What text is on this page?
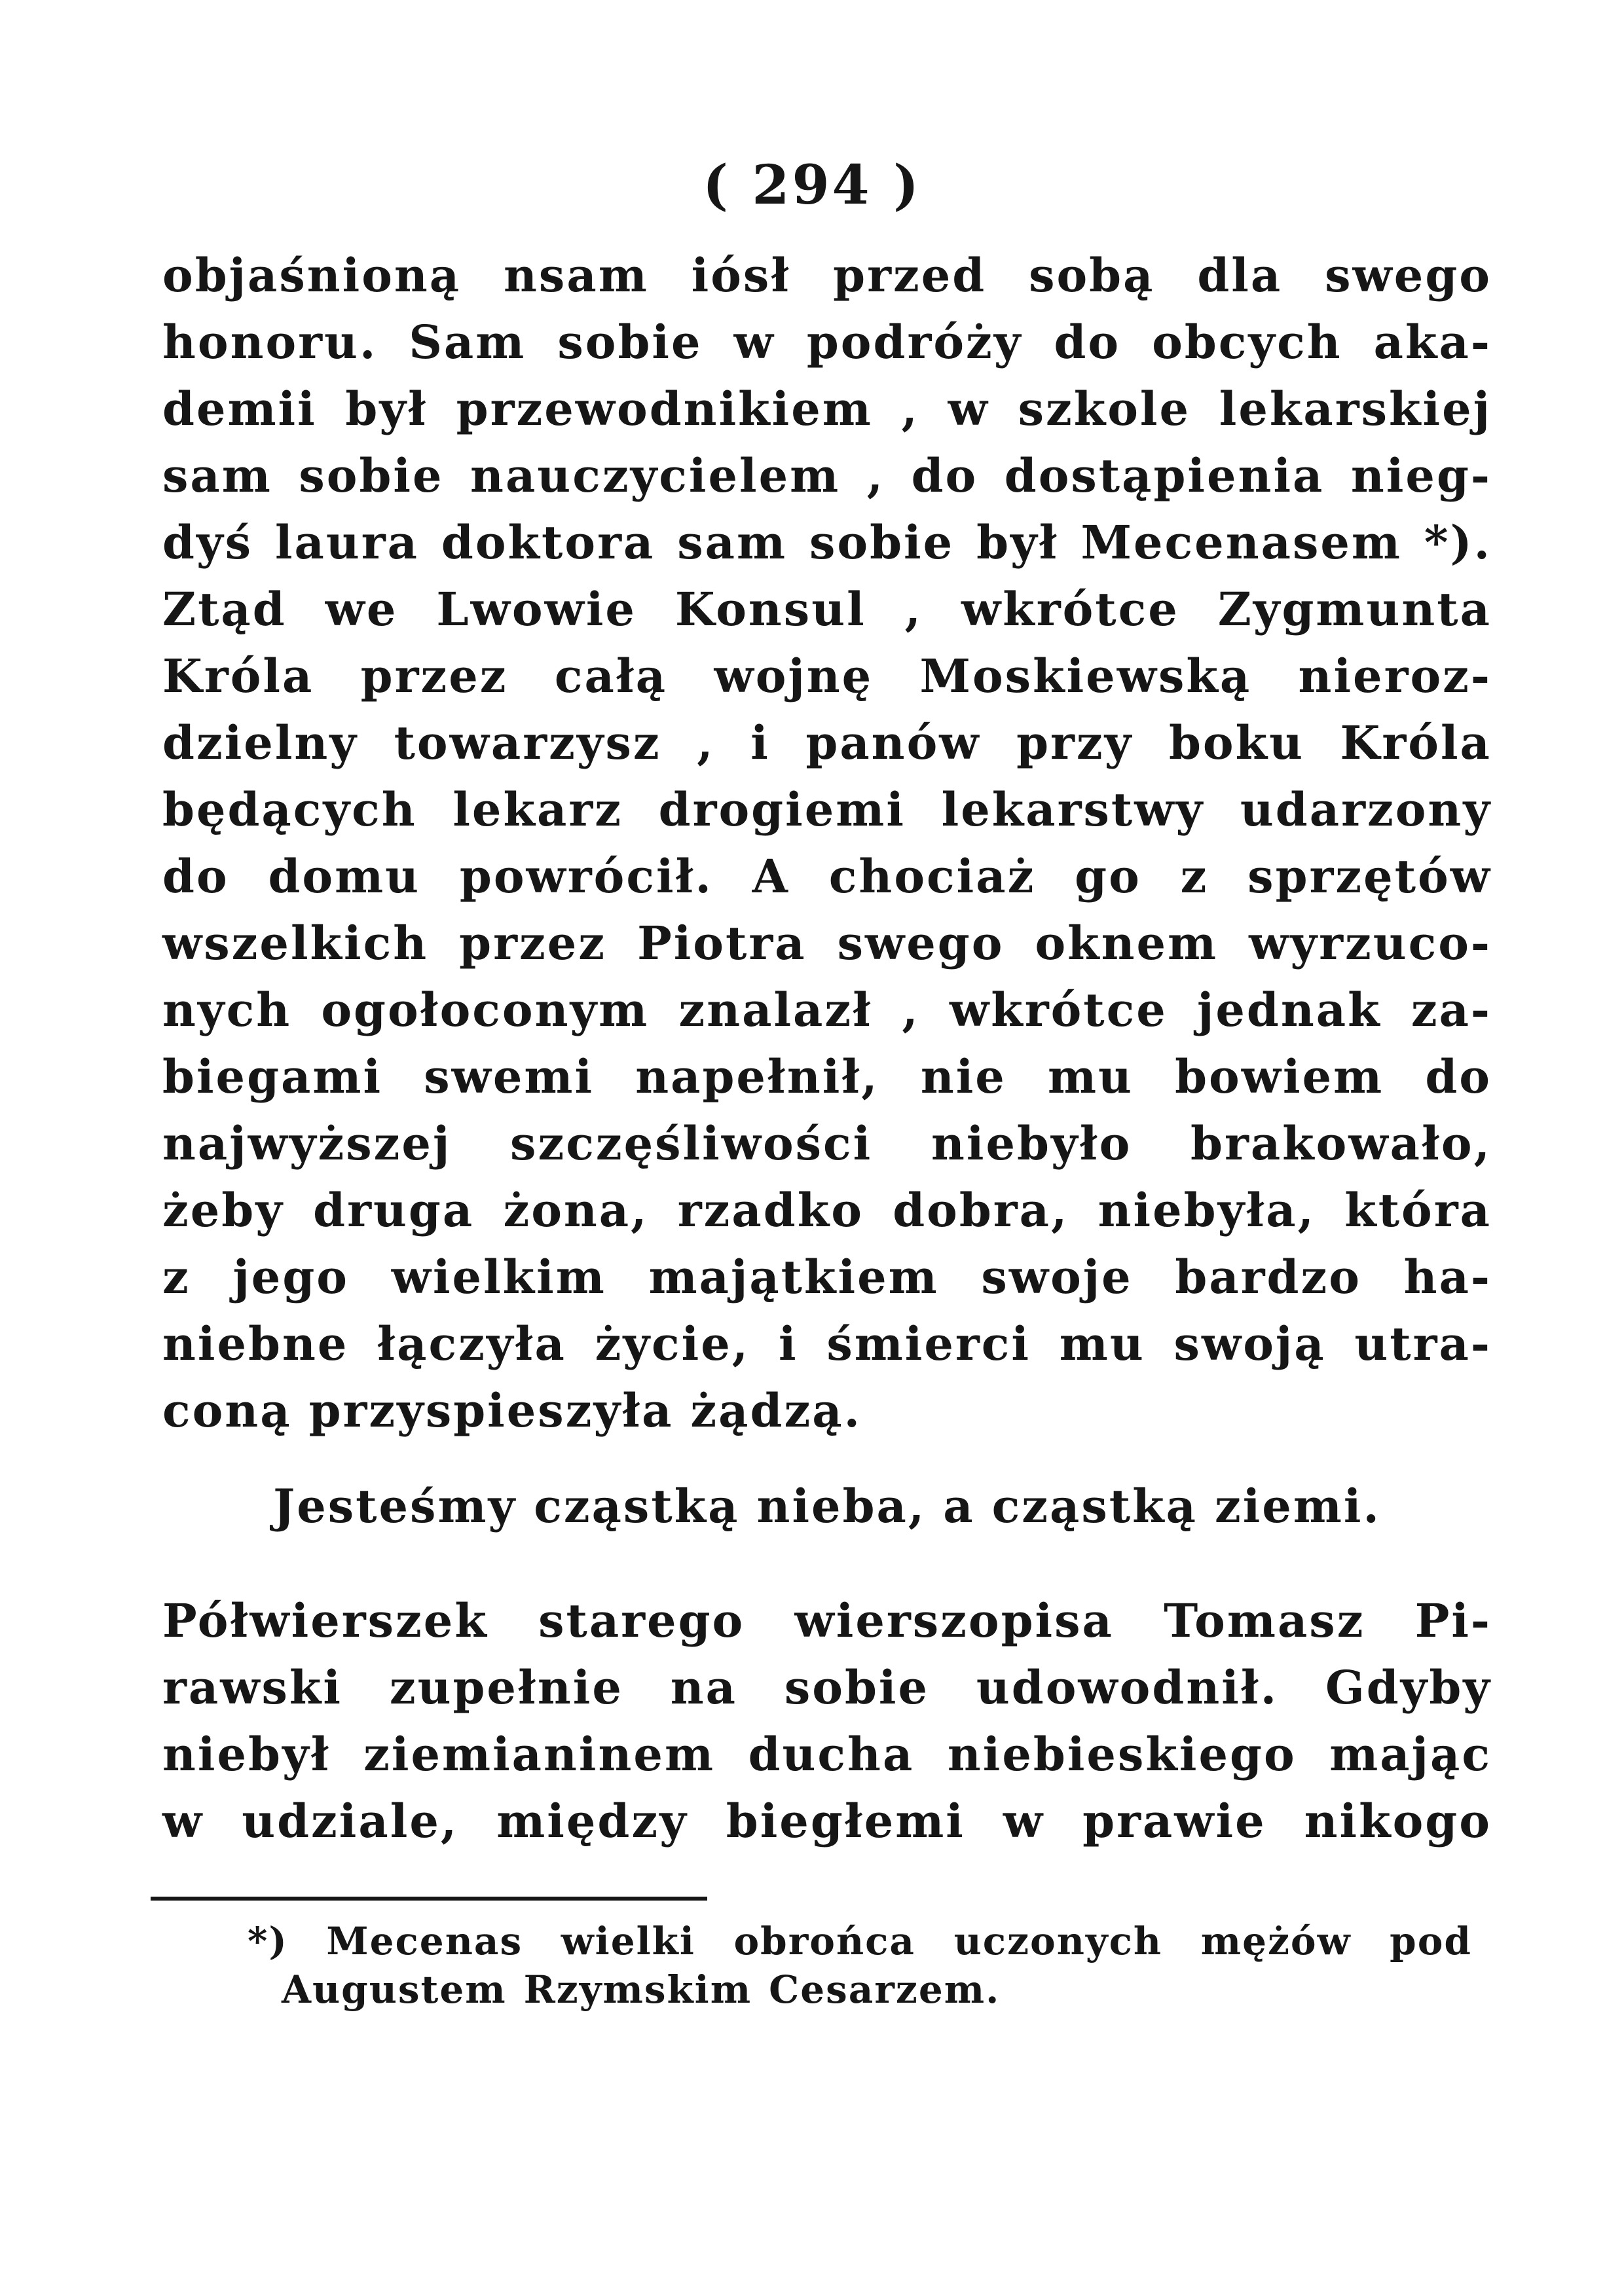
( 294 )
objaśnioną nsam iósł przed sobą dla swego
honoru. Sam sobie w podróży do obcych aka-
demii był przewodnikiem , w szkole lekarskiej
sam sobie nauczycielem , do dostąpienia nieg-
dyś laura doktora sam sobie był Mecenasem *).
Ztąd we Lwowie Konsul , wkrótce Zygmunta
Króla przez całą wojnę Moskiewską nieroz-
dzielny towarzysz , i panów przy boku Króla
będących lekarz drogiemi lekarstwy udarzony
do domu powrócił. A chociaż go z sprzętów
wszelkich przez Piotra swego oknem wyrzuco-
nych ogołoconym znalazł , wkrótce jednak za-
biegami swemi napełnił, nie mu bowiem do
najwyższej szczęśliwości niebyło brakowało,
żeby druga żona, rzadko dobra, niebyła, która
z jego wielkim majątkiem swoje bardzo ha-
niebne łączyła życie, i śmierci mu swoją utra-
coną przyspieszyła żądzą.
Jesteśmy cząstką nieba, a cząstką ziemi.
Półwierszek starego wierszopisa Tomasz Pi-
rawski zupełnie na sobie udowodnił. Gdyby
niebył ziemianinem ducha niebieskiego mając
w udziale, między biegłemi w prawie nikogo
*) Mecenas wielki obrońca uczonych mężów pod
Augustem Rzymskim Cesarzem.
